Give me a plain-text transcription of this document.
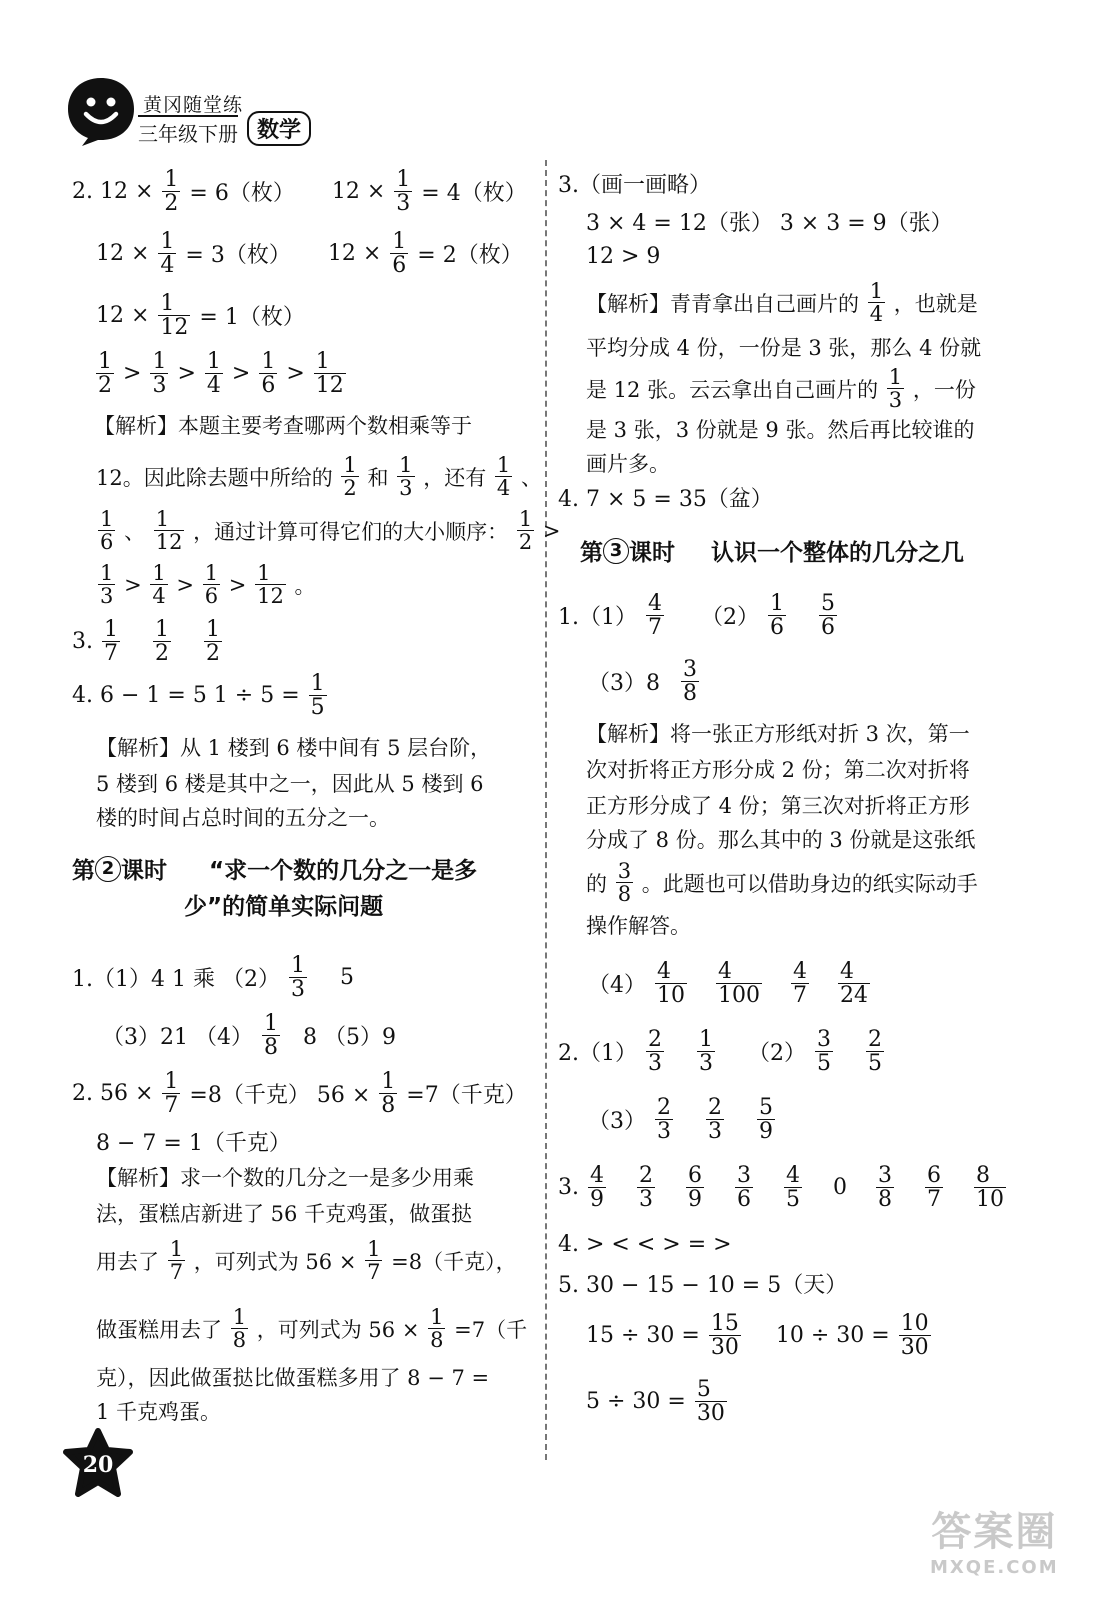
黄冈随堂练
三年级下册 数学
2. $12 \times \frac{1}{2} = 6$（枚） $12 \times \frac{1}{3} = 4$（枚）
$12 \times \frac{1}{4} = 3$（枚） $12 \times \frac{1}{6} = 2$（枚）
$12 \times \frac{1}{12} = 1$（枚）
$\frac{1}{2} > \frac{1}{3} > \frac{1}{4} > \frac{1}{6} > \frac{1}{12}$
【解析】本题主要考查哪两个数相乘等于
12。因此除去题中所给的 $\frac{1}{2}$ 和 $\frac{1}{3}$ ，还有 $\frac{1}{4}$ 、
$\frac{1}{6}$ 、 $\frac{1}{12}$ ，通过计算可得它们的大小顺序： $\frac{1}{2}$ >
$\frac{1}{3} > \frac{1}{4} > \frac{1}{6} > \frac{1}{12}$ 。
3. $\frac{1}{7}$
$\frac{1}{2}$
$\frac{1}{2}$
4. 6 − 1 = 5 $1 \div 5 = \frac{1}{5}$
【解析】从 1 楼到 6 楼中间有 5 层台阶，
5 楼到 6 楼是其中之一，因此从 5 楼到 6
楼的时间占总时间的五分之一。
第 2 课时 “求一个数的几分之一是多
少”的简单实际问题
1.（1）4 1 乘 $(2) \frac{1}{3} 5$
（3）21 $(4) \frac{1}{8} 8$ （5）9
2. $56 \times \frac{1}{7} =8$（千克） $56 \times \frac{1}{8} =7$（千克）
8 − 7 = 1（千克）
【解析】求一个数的几分之一是多少用乘
法，蛋糕店新进了 56 千克鸡蛋，做蛋挞
用去了 $\frac{1}{7}$ ，可列式为 $56 \times \frac{1}{7} =8$（千克），
做蛋糕用去了 $\frac{1}{8}$ ，可列式为 $56 \times \frac{1}{8} =7$（千
克），因此做蛋挞比做蛋糕多用了 8 − 7 =
1 千克鸡蛋。
3.（画一画略）
3 × 4 = 12（张） 3 × 3 = 9（张）
12 > 9
【解析】青青拿出自己画片的 $\frac{1}{4}$ ，也就是
平均分成 4 份，一份是 3 张，那么 4 份就
是 12 张。云云拿出自己画片的 $\frac{1}{3}$ ，一份
是 3 张，3 份就是 9 张。然后再比较谁的
画片多。
4. 7 × 5 = 35（盆）
第 3 课时 认识一个整体的几分之几
$1.(1) \frac{4}{7} (2) \frac{1}{6}$
$\frac{5}{6}$
$(3)8 \frac{3}{8}$
【解析】将一张正方形纸对折 3 次，第一
次对折将正方形分成 2 份；第二次对折将
正方形分成了 4 份；第三次对折将正方形
分成了 8 份。那么其中的 3 份就是这张纸
的 $\frac{3}{8}$ 。此题也可以借助身边的纸实际动手
操作解答。
$(4) \frac{4}{10}$
$\frac{4}{100}$
$\frac{4}{7}$
$\frac{4}{24}$
$2.(1) \frac{2}{3}$
$\frac{1}{3} (2) \frac{3}{5}$
$\frac{2}{5}$
$(3) \frac{2}{3}$
$\frac{2}{3}$
$\frac{5}{9}$
3. $\frac{4}{9}$
$\frac{2}{3}$
$\frac{6}{9}$
$\frac{3}{6}$
$\frac{4}{5} 0 \frac{3}{8}$
$\frac{6}{7}$
$\frac{8}{10}$
4. > < < > = >
5. 30 − 15 − 10 = 5（天）
$15 \div 30 = \frac{15}{30} 10 \div 30 = \frac{10}{30}$
$5 \div 30 = \frac{5}{30}$
20
答案圈
MXQE.COM
